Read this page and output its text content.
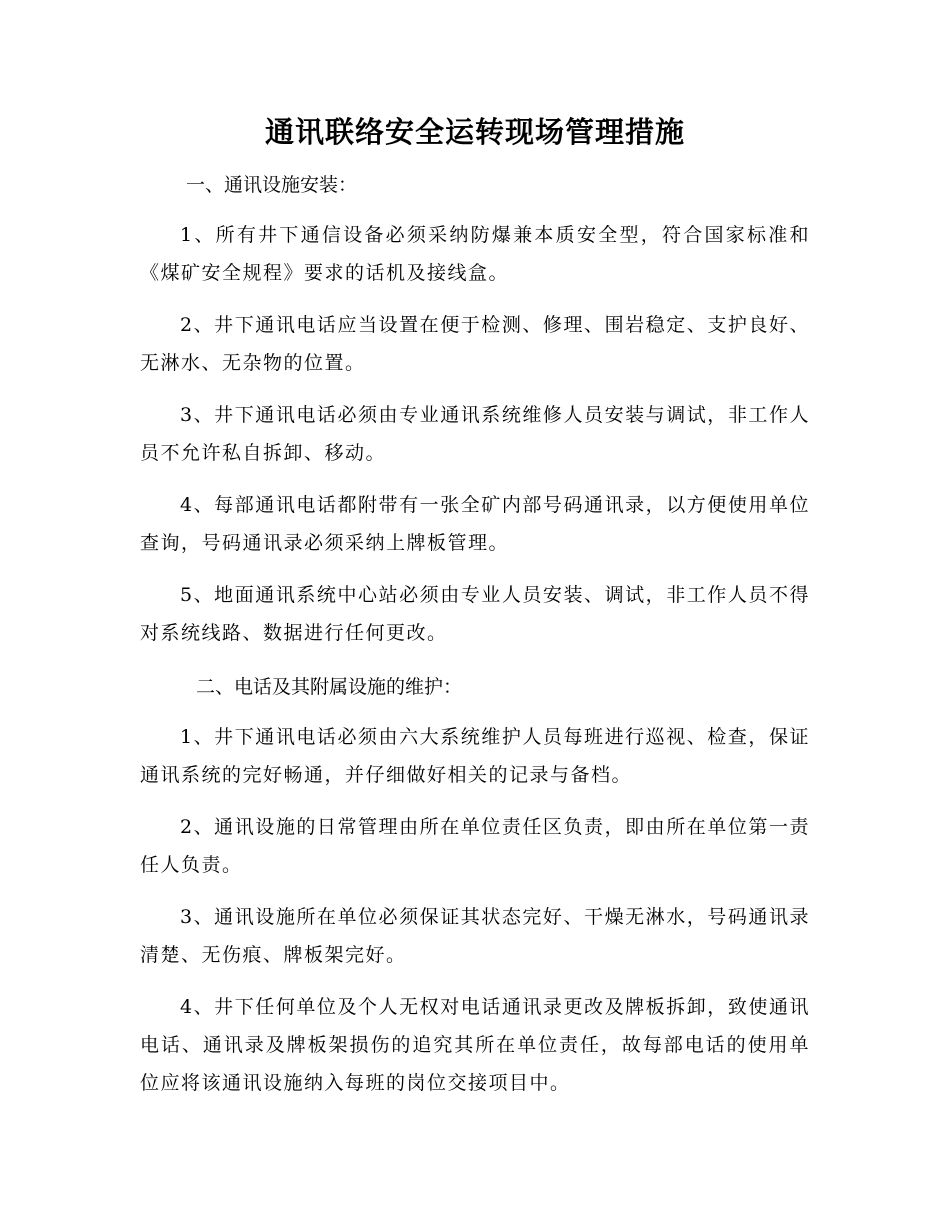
通讯联络安全运转现场管理措施
一、通讯设施安装：

1、所有井下通信设备必须采纳防爆兼本质安全型，符合国家标准和《煤矿安全规程》要求的话机及接线盒。

2、井下通讯电话应当设置在便于检测、修理、围岩稳定、支护良好、无淋水、无杂物的位置。

3、井下通讯电话必须由专业通讯系统维修人员安装与调试，非工作人员不允许私自拆卸、移动。

4、每部通讯电话都附带有一张全矿内部号码通讯录，以方便使用单位查询，号码通讯录必须采纳上牌板管理。

5、地面通讯系统中心站必须由专业人员安装、调试，非工作人员不得对系统线路、数据进行任何更改。

二、电话及其附属设施的维护：

1、井下通讯电话必须由六大系统维护人员每班进行巡视、检查，保证通讯系统的完好畅通，并仔细做好相关的记录与备档。

2、通讯设施的日常管理由所在单位责任区负责，即由所在单位第一责任人负责。

3、通讯设施所在单位必须保证其状态完好、干燥无淋水，号码通讯录清楚、无伤痕、牌板架完好。

4、井下任何单位及个人无权对电话通讯录更改及牌板拆卸，致使通讯电话、通讯录及牌板架损伤的追究其所在单位责任，故每部电话的使用单位应将该通讯设施纳入每班的岗位交接项目中。
